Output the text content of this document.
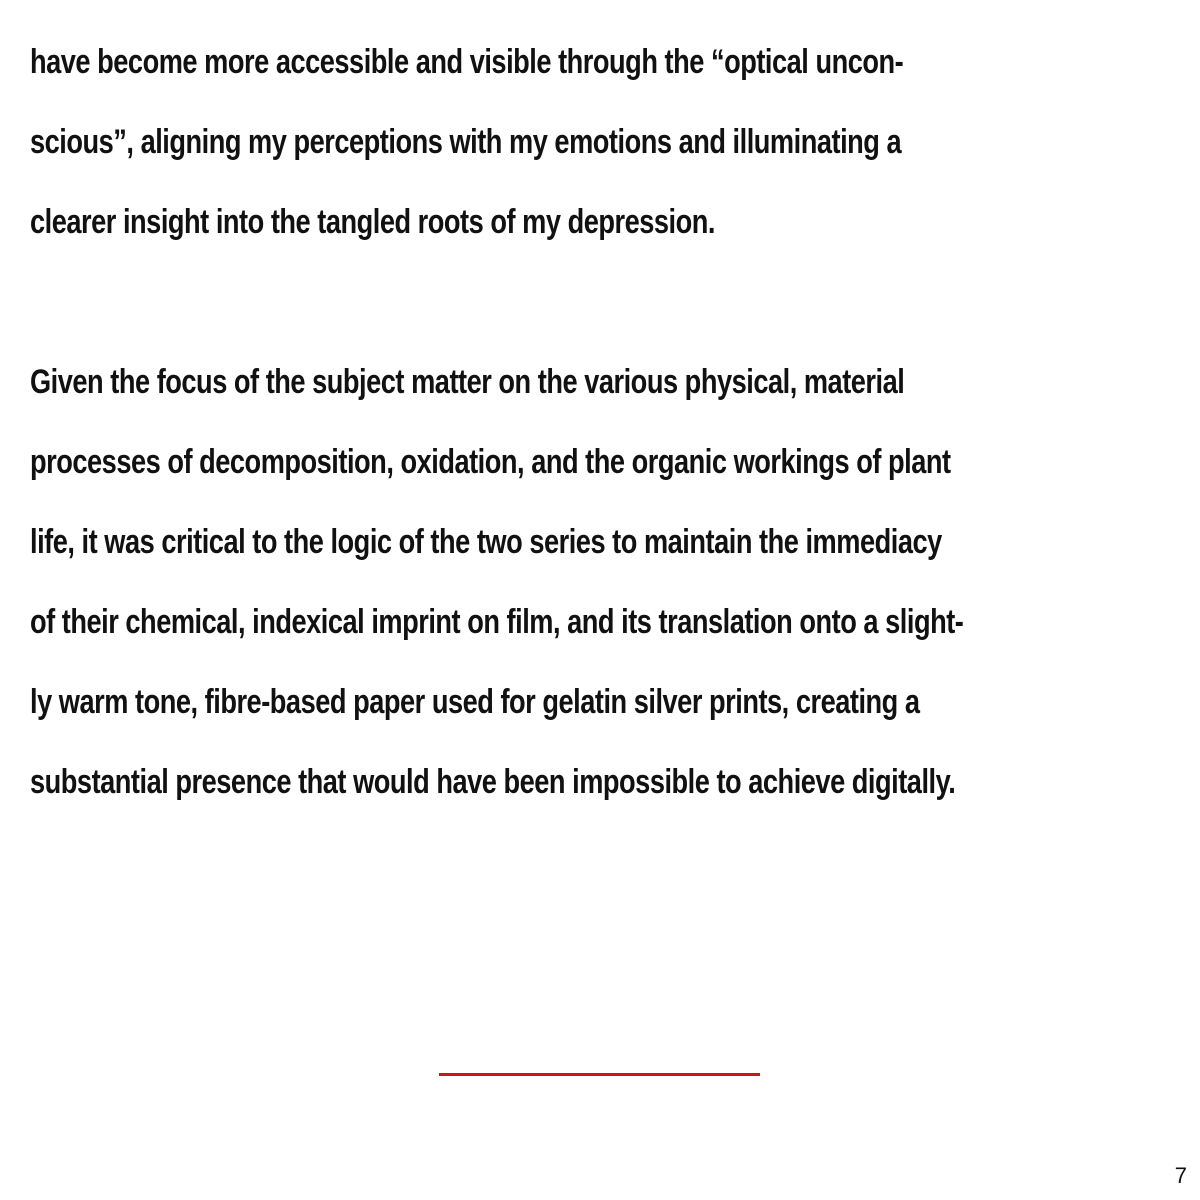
have become more accessible and visible through the “optical uncon-
scious”, aligning my perceptions with my emotions and illuminating a
clearer insight into the tangled roots of my depression.
Given the focus of the subject matter on the various physical, material
processes of decomposition, oxidation, and the organic workings of plant
life, it was critical to the logic of the two series to maintain the immediacy
of their chemical, indexical imprint on film, and its translation onto a slight-
ly warm tone, fibre-based paper used for gelatin silver prints, creating a
substantial presence that would have been impossible to achieve digitally.
7
